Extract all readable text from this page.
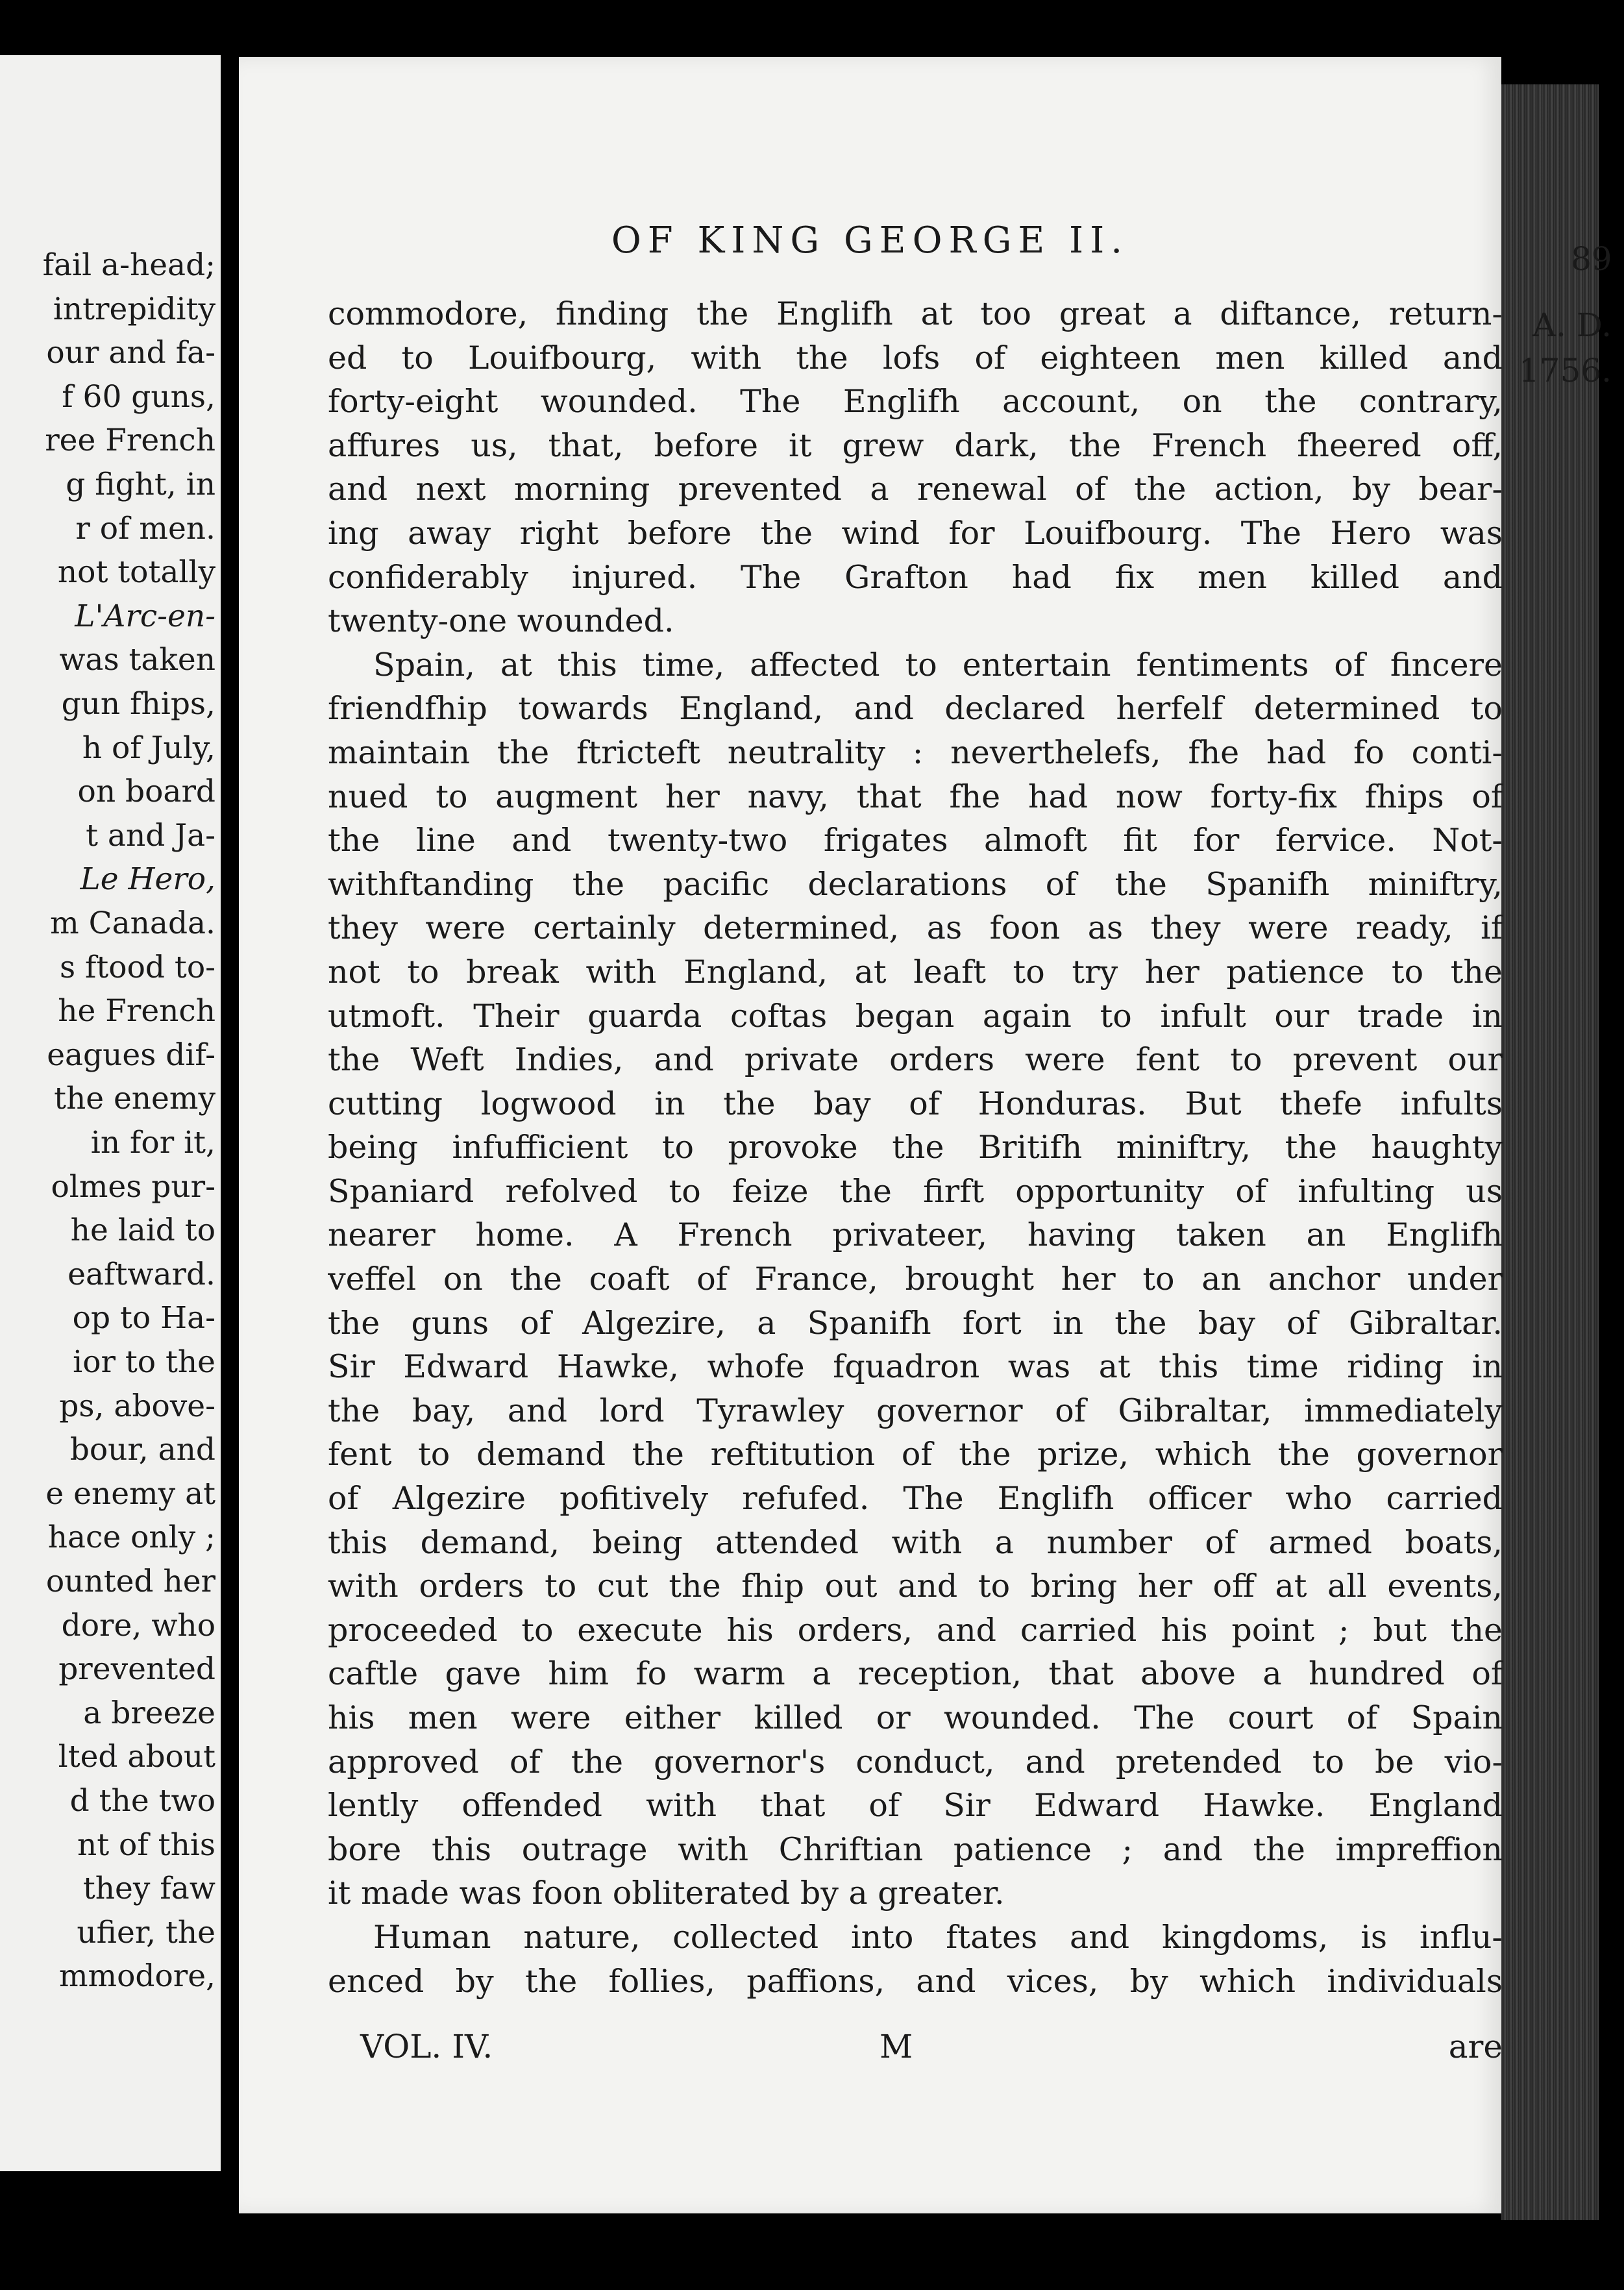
fail a-head;
intrepidity
our and fa-
f 60 guns,
ree French
g fight, in
r of men.
not totally
L'Arc-en-
was taken
gun fhips,
h of July,
on board
t and Ja-
Le Hero,
m Canada.
s ftood to-
he French
eagues dif-
the enemy
in for it,
olmes pur-
he laid to
eaftward.
op to Ha-
ior to the
ps, above-
bour, and
e enemy at
hace only ;
ounted her
dore, who
prevented
a breeze
lted about
d the two
nt of this
they faw
ufier, the
mmodore,
OF KING GEORGE II.	89
A. D.
1756.
commodore, finding the Englifh at too great a diftance, return-
ed to Louifbourg, with the lofs of eighteen men killed and
forty-eight wounded. The Englifh account, on the contrary,
affures us, that, before it grew dark, the French fheered off,
and next morning prevented a renewal of the action, by bear-
ing away right before the wind for Louifbourg. The Hero was
confiderably injured. The Grafton had fix men killed and
twenty-one wounded.
Spain, at this time, affected to entertain fentiments of fincere
friendfhip towards England, and declared herfelf determined to
maintain the ftricteft neutrality : neverthelefs, fhe had fo conti-
nued to augment her navy, that fhe had now forty-fix fhips of
the line and twenty-two frigates almoft fit for fervice. Not-
withftanding the pacific declarations of the Spanifh miniftry,
they were certainly determined, as foon as they were ready, if
not to break with England, at leaft to try her patience to the
utmoft. Their guarda coftas began again to infult our trade in
the Weft Indies, and private orders were fent to prevent our
cutting logwood in the bay of Honduras. But thefe infults
being infufficient to provoke the Britifh miniftry, the haughty
Spaniard refolved to feize the firft opportunity of infulting us
nearer home. A French privateer, having taken an Englifh
veffel on the coaft of France, brought her to an anchor under
the guns of Algezire, a Spanifh fort in the bay of Gibraltar.
Sir Edward Hawke, whofe fquadron was at this time riding in
the bay, and lord Tyrawley governor of Gibraltar, immediately
fent to demand the reftitution of the prize, which the governor
of Algezire pofitively refufed. The Englifh officer who carried
this demand, being attended with a number of armed boats,
with orders to cut the fhip out and to bring her off at all events,
proceeded to execute his orders, and carried his point ; but the
caftle gave him fo warm a reception, that above a hundred of
his men were either killed or wounded. The court of Spain
approved of the governor's conduct, and pretended to be vio-
lently offended with that of Sir Edward Hawke. England
bore this outrage with Chriftian patience ; and the impreffion
it made was foon obliterated by a greater.
Human nature, collected into ftates and kingdoms, is influ-
enced by the follies, paffions, and vices, by which individuals
VOL. IV.	M	are
